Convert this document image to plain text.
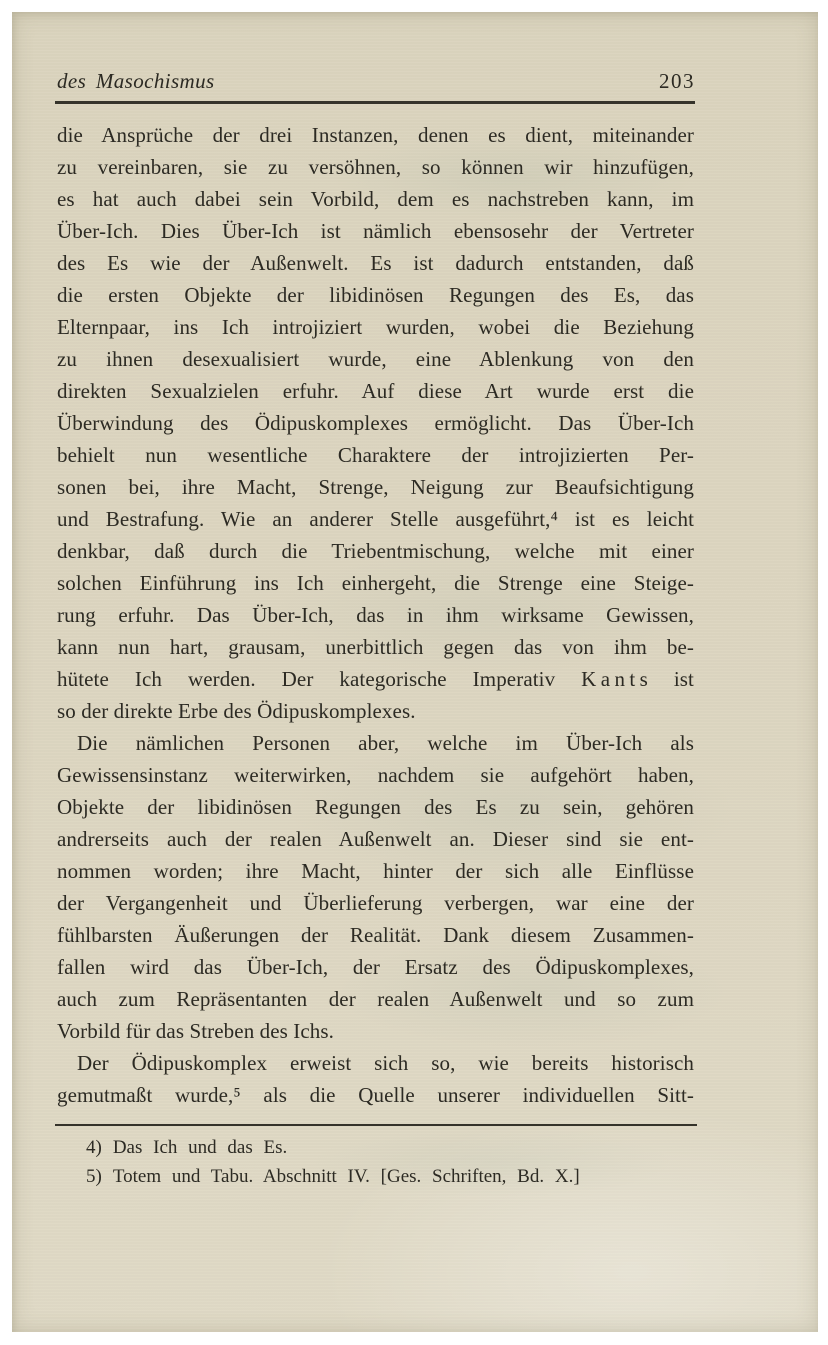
des Masochismus	203
die Ansprüche der drei Instanzen, denen es dient, miteinander
zu vereinbaren, sie zu versöhnen, so können wir hinzufügen,
es hat auch dabei sein Vorbild, dem es nachstreben kann, im
Über-Ich. Dies Über-Ich ist nämlich ebensosehr der Vertreter
des Es wie der Außenwelt. Es ist dadurch entstanden, daß
die ersten Objekte der libidinösen Regungen des Es, das
Elternpaar, ins Ich introjiziert wurden, wobei die Beziehung
zu ihnen desexualisiert wurde, eine Ablenkung von den
direkten Sexualzielen erfuhr. Auf diese Art wurde erst die
Überwindung des Ödipuskomplexes ermöglicht. Das Über-Ich
behielt nun wesentliche Charaktere der introjizierten Per-
sonen bei, ihre Macht, Strenge, Neigung zur Beaufsichtigung
und Bestrafung. Wie an anderer Stelle ausgeführt,⁴ ist es leicht
denkbar, daß durch die Triebentmischung, welche mit einer
solchen Einführung ins Ich einhergeht, die Strenge eine Steige-
rung erfuhr. Das Über-Ich, das in ihm wirksame Gewissen,
kann nun hart, grausam, unerbittlich gegen das von ihm be-
hütete Ich werden. Der kategorische Imperativ K a n t s ist
so der direkte Erbe des Ödipuskomplexes.
Die nämlichen Personen aber, welche im Über-Ich als
Gewissensinstanz weiterwirken, nachdem sie aufgehört haben,
Objekte der libidinösen Regungen des Es zu sein, gehören
andrerseits auch der realen Außenwelt an. Dieser sind sie ent-
nommen worden; ihre Macht, hinter der sich alle Einflüsse
der Vergangenheit und Überlieferung verbergen, war eine der
fühlbarsten Äußerungen der Realität. Dank diesem Zusammen-
fallen wird das Über-Ich, der Ersatz des Ödipuskomplexes,
auch zum Repräsentanten der realen Außenwelt und so zum
Vorbild für das Streben des Ichs.
Der Ödipuskomplex erweist sich so, wie bereits historisch
gemutmaßt wurde,⁵ als die Quelle unserer individuellen Sitt-
4) Das Ich und das Es.
5) Totem und Tabu. Abschnitt IV. [Ges. Schriften, Bd. X.]
